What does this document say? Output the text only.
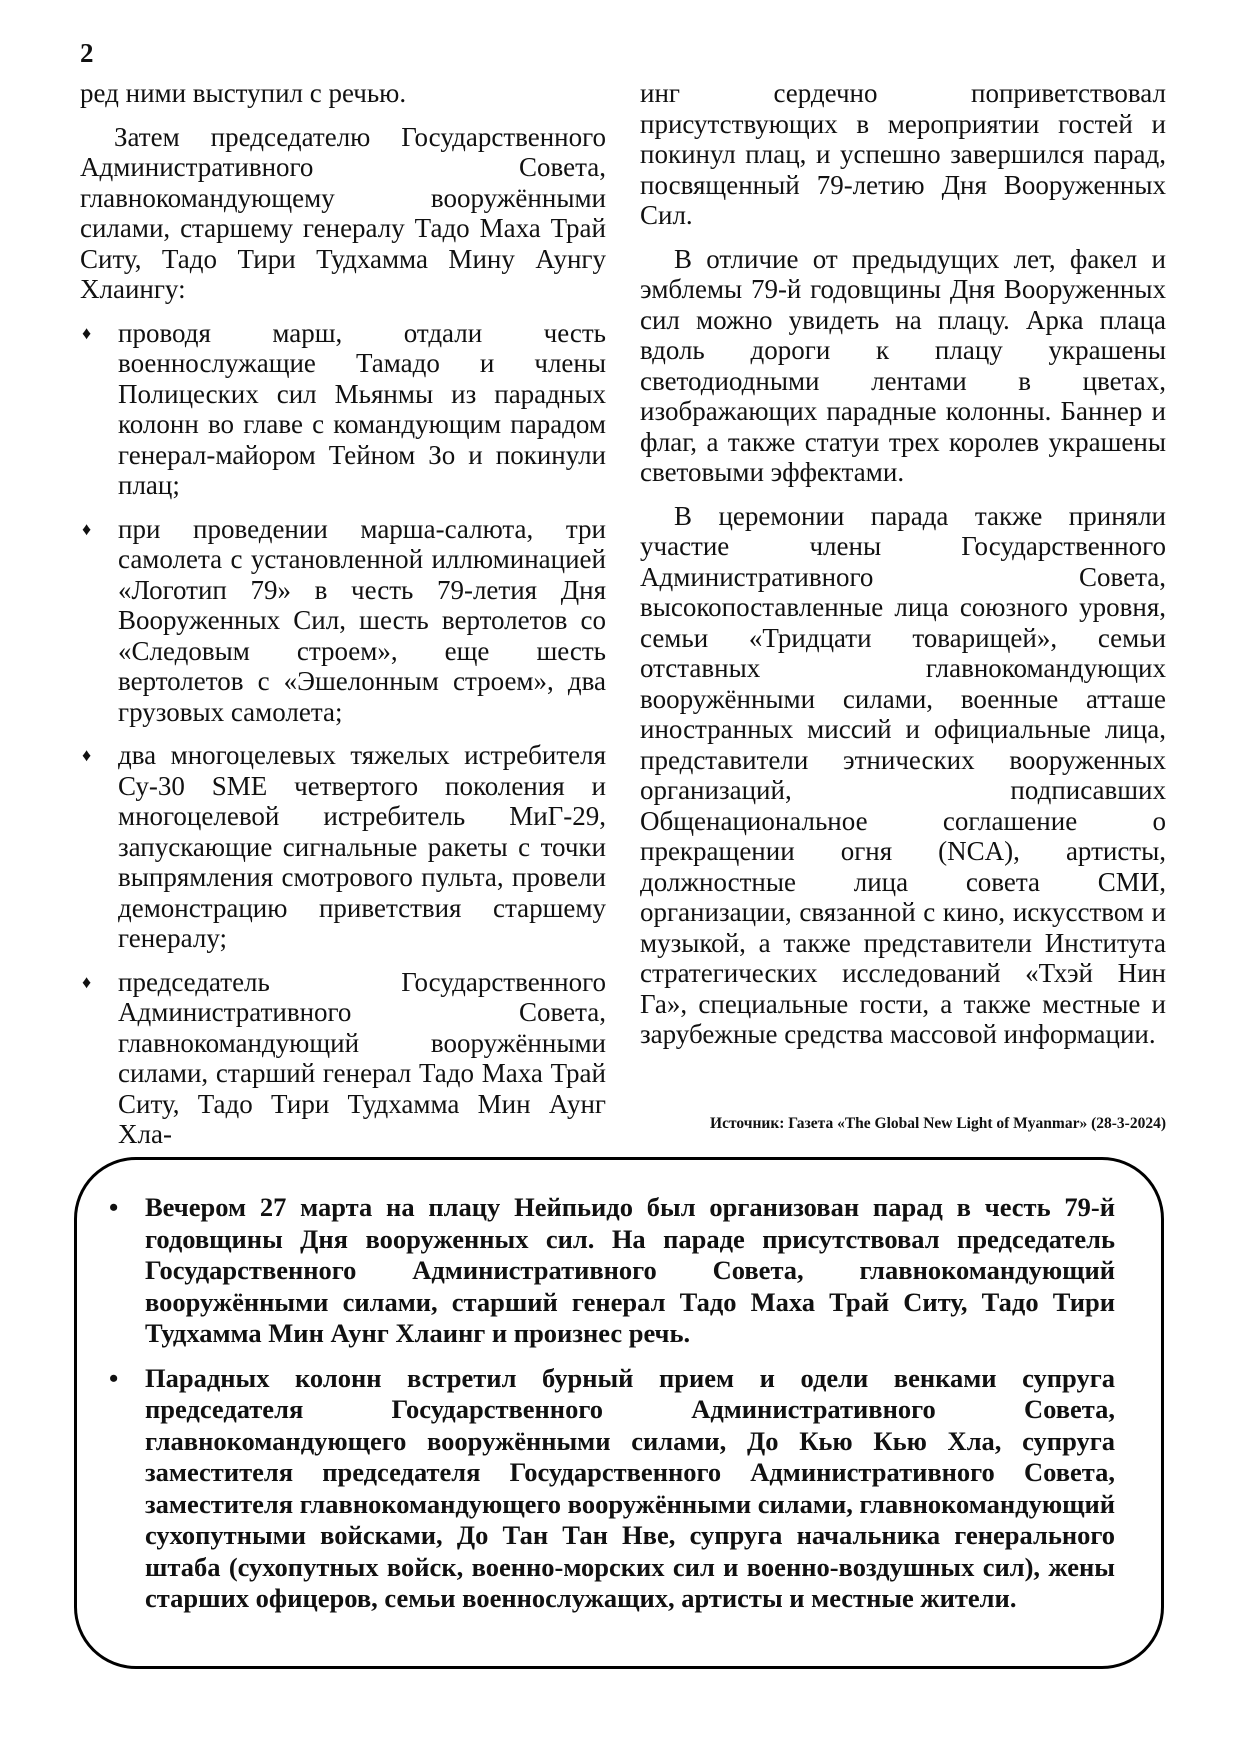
2

ред ними выступил с речью.

Затем председателю Государственного Административного Совета, главнокомандующему вооружёнными силами, старшему генералу Тадо Маха Трай Ситу, Тадо Тири Тудхамма Мину Аунгу Хлаингу:

♦ проводя марш, отдали честь военнослужащие Тамадо и члены Полицеских сил Мьянмы из парадных колонн во главе с командующим парадом генерал-майором Тейном Зо и покинули плац;
♦ при проведении марша-салюта, три самолета с установленной иллюминацией «Логотип 79» в честь 79-летия Дня Вооруженных Сил, шесть вертолетов со «Следовым строем», еще шесть вертолетов с «Эшелонным строем», два грузовых самолета;
♦ два многоцелевых тяжелых истребителя Су-30 SME четвертого поколения и многоцелевой истребитель МиГ-29, запускающие сигнальные ракеты с точки выпрямления смотрового пульта, провели демонстрацию приветствия старшему генералу;
♦ председатель Государственного Административного Совета, главнокомандующий вооружёнными силами, старший генерал Тадо Маха Трай Ситу, Тадо Тири Тудхамма Мин Аунг Хла-

инг сердечно поприветствовал присутствующих в мероприятии гостей и покинул плац, и успешно завершился парад, посвященный 79-летию Дня Вооруженных Сил.

В отличие от предыдущих лет, факел и эмблемы 79-й годовщины Дня Вооруженных сил можно увидеть на плацу. Арка плаца вдоль дороги к плацу украшены светодиодными лентами в цветах, изображающих парадные колонны. Баннер и флаг, а также статуи трех королев украшены световыми эффектами.

В церемонии парада также приняли участие члены Государственного Административного Совета, высокопоставленные лица союзного уровня, семьи «Тридцати товарищей», семьи отставных главнокомандующих вооружёнными силами, военные атташе иностранных миссий и официальные лица, представители этнических вооруженных организаций, подписавших Общенациональное соглашение о прекращении огня (NCA), артисты, должностные лица совета СМИ, организации, связанной с кино, искусством и музыкой, а также представители Института стратегических исследований «Тхэй Нин Га», специальные гости, а также местные и зарубежные средства массовой информации.

Источник: Газета «The Global New Light of Myanmar» (28-3-2024)
• Вечером 27 марта на плацу Нейпьидо был организован парад в честь 79-й годовщины Дня вооруженных сил. На параде присутствовал председатель Государственного Административного Совета, главнокомандующий вооружёнными силами, старший генерал Тадо Маха Трай Ситу, Тадо Тири Тудхамма Мин Аунг Хлаинг и произнес речь.
• Парадных колонн встретил бурный прием и одели венками супруга председателя Государственного Административного Совета, главнокомандующего вооружёнными силами, До Кью Кью Хла, супруга заместителя председателя Государственного Административного Совета, заместителя главнокомандующего вооружёнными силами, главнокомандующий сухопутными войсками, До Тан Тан Нве, супруга начальника генерального штаба (сухопутных войск, военно-морских сил и военно-воздушных сил), жены старших офицеров, семьи военнослужащих, артисты и местные жители.
